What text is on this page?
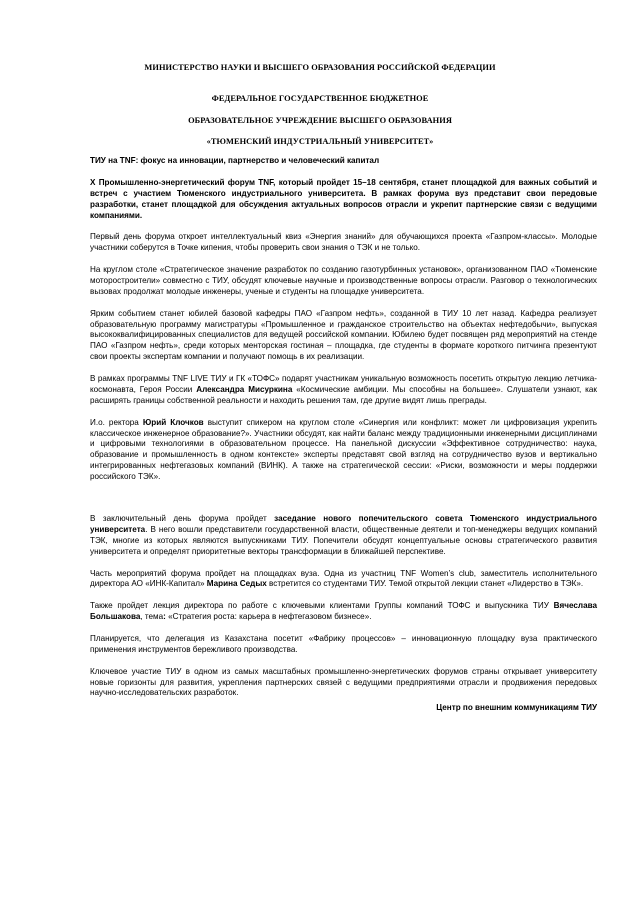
МИНИСТЕРСТВО НАУКИ И ВЫСШЕГО ОБРАЗОВАНИЯ РОССИЙСКОЙ ФЕДЕРАЦИИ
ФЕДЕРАЛЬНОЕ ГОСУДАРСТВЕННОЕ БЮДЖЕТНОЕ
ОБРАЗОВАТЕЛЬНОЕ УЧРЕЖДЕНИЕ ВЫСШЕГО ОБРАЗОВАНИЯ
«ТЮМЕНСКИЙ ИНДУСТРИАЛЬНЫЙ УНИВЕРСИТЕТ»

ТИУ на TNF: фокус на инновации, партнерство и человеческий капитал

X Промышленно-энергетический форум TNF, который пройдет 15–18 сентября, станет площадкой для важных событий и встреч с участием Тюменского индустриального университета. В рамках форума вуз представит свои передовые разработки, станет площадкой для обсуждения актуальных вопросов отрасли и укрепит партнерские связи с ведущими компаниями.

Первый день форума откроет интеллектуальный квиз «Энергия знаний» для обучающихся проекта «Газпром-классы». Молодые участники соберутся в Точке кипения, чтобы проверить свои знания о ТЭК и не только.

На круглом столе «Стратегическое значение разработок по созданию газотурбинных установок», организованном ПАО «Тюменские моторостроители» совместно с ТИУ, обсудят ключевые научные и производственные вопросы отрасли. Разговор о технологических вызовах продолжат молодые инженеры, ученые и студенты на площадке университета.

Ярким событием станет юбилей базовой кафедры ПАО «Газпром нефть», созданной в ТИУ 10 лет назад. Кафедра реализует образовательную программу магистратуры «Промышленное и гражданское строительство на объектах нефтедобычи», выпуская высококвалифицированных специалистов для ведущей российской компании. Юбилею будет посвящен ряд мероприятий на стенде ПАО «Газпром нефть», среди которых менторская гостиная – площадка, где студенты в формате короткого питчинга презентуют свои проекты экспертам компании и получают помощь в их реализации.

В рамках программы TNF LIVE ТИУ и ГК «ТОФС» подарят участникам уникальную возможность посетить открытую лекцию летчика-космонавта, Героя России Александра Мисуркина «Космические амбиции. Мы способны на большее». Слушатели узнают, как расширять границы собственной реальности и находить решения там, где другие видят лишь преграды.

И.о. ректора Юрий Клочков выступит спикером на круглом столе «Синергия или конфликт: может ли цифровизация укрепить классическое инженерное образование?». Участники обсудят, как найти баланс между традиционными инженерными дисциплинами и цифровыми технологиями в образовательном процессе. На панельной дискуссии «Эффективное сотрудничество: наука, образование и промышленность в одном контексте» эксперты представят свой взгляд на сотрудничество вузов и вертикально интегрированных нефтегазовых компаний (ВИНК). А также на стратегической сессии: «Риски, возможности и меры поддержки российского ТЭК».

В заключительный день форума пройдет заседание нового попечительского совета Тюменского индустриального университета. В него вошли представители государственной власти, общественные деятели и топ-менеджеры ведущих компаний ТЭК, многие из которых являются выпускниками ТИУ. Попечители обсудят концептуальные основы стратегического развития университета и определят приоритетные векторы трансформации в ближайшей перспективе.

Часть мероприятий форума пройдет на площадках вуза. Одна из участниц TNF Women’s club, заместитель исполнительного директора АО «ИНК-Капитал» Марина Седых встретится со студентами ТИУ. Темой открытой лекции станет «Лидерство в ТЭК».

Также пройдет лекция директора по работе с ключевыми клиентами Группы компаний ТОФС и выпускника ТИУ Вячеслава Большакова, тема: «Стратегия роста: карьера в нефтегазовом бизнесе».

Планируется, что делегация из Казахстана посетит «Фабрику процессов» – инновационную площадку вуза практического применения инструментов бережливого производства.

Ключевое участие ТИУ в одном из самых масштабных промышленно-энергетических форумов страны открывает университету новые горизонты для развития, укрепления партнерских связей с ведущими предприятиями отрасли и продвижения передовых научно-исследовательских разработок.

Центр по внешним коммуникациям ТИУ
